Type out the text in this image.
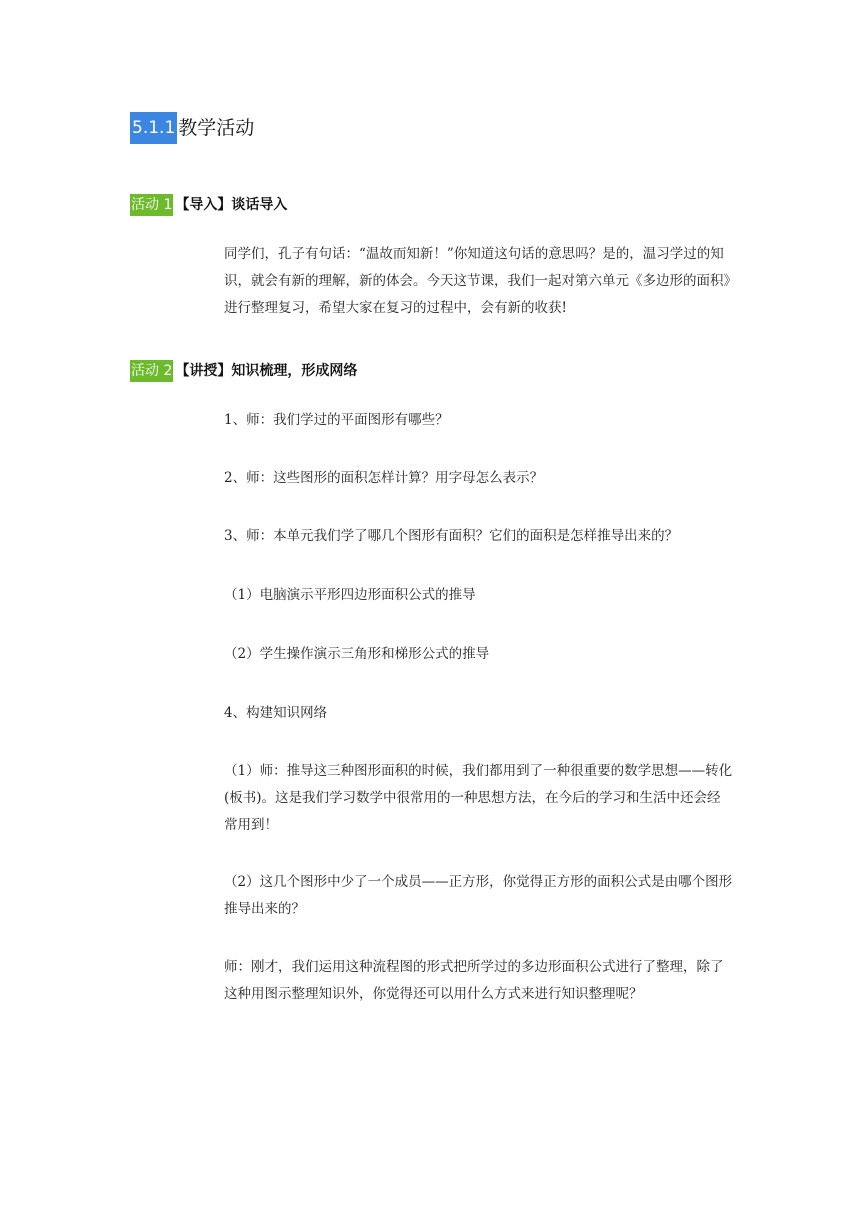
5.1.1 教学活动
活动 1 【导入】谈话导入

同学们，孔子有句话：“温故而知新！”你知道这句话的意思吗？是的，温习学过的知识，就会有新的理解，新的体会。今天这节课，我们一起对第六单元《多边形的面积》进行整理复习，希望大家在复习的过程中，会有新的收获!

活动 2 【讲授】知识梳理，形成网络

1、师：我们学过的平面图形有哪些？

2、师：这些图形的面积怎样计算？用字母怎么表示？

3、师：本单元我们学了哪几个图形有面积？它们的面积是怎样推导出来的？

（1）电脑演示平形四边形面积公式的推导

（2）学生操作演示三角形和梯形公式的推导

4、构建知识网络

（1）师：推导这三种图形面积的时候，我们都用到了一种很重要的数学思想——转化(板书)。这是我们学习数学中很常用的一种思想方法，在今后的学习和生活中还会经常用到！

（2）这几个图形中少了一个成员——正方形，你觉得正方形的面积公式是由哪个图形推导出来的？

师：刚才，我们运用这种流程图的形式把所学过的多边形面积公式进行了整理，除了这种用图示整理知识外，你觉得还可以用什么方式来进行知识整理呢？
